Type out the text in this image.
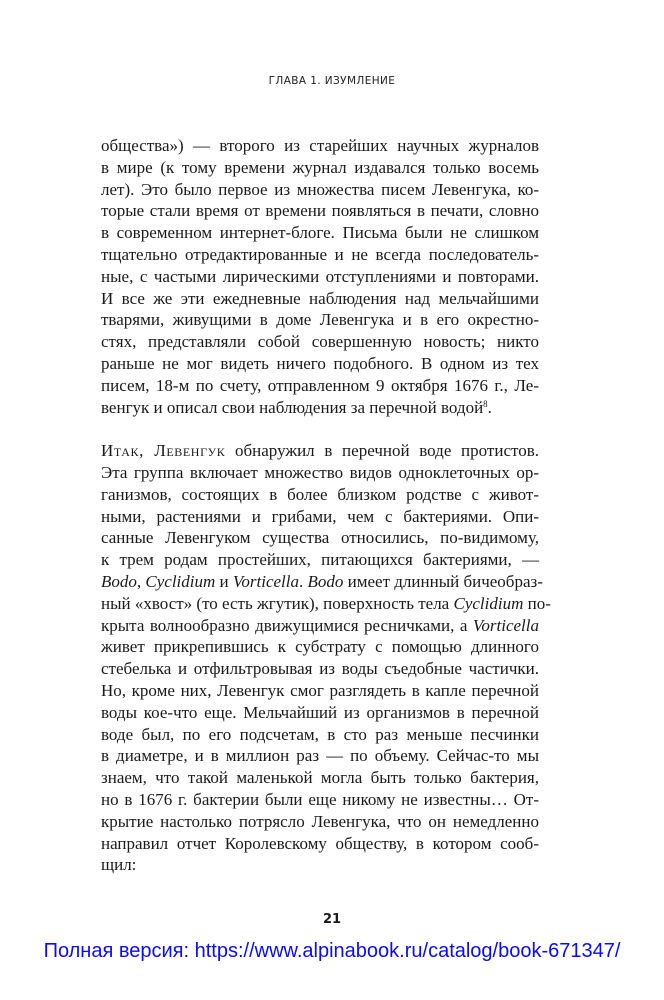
ГЛАВА 1. ИЗУМЛЕНИЕ
общества») — второго из старейших научных журналов
в мире (к тому времени журнал издавался только восемь
лет). Это было первое из множества писем Левенгука, ко-
торые стали время от времени появляться в печати, словно
в современном интернет-блоге. Письма были не слишком
тщательно отредактированные и не всегда последователь-
ные, с частыми лирическими отступлениями и повторами.
И все же эти ежедневные наблюдения над мельчайшими
тварями, живущими в доме Левенгука и в его окрестно-
стях, представляли собой совершенную новость; никто
раньше не мог видеть ничего подобного. В одном из тех
писем, 18-м по счету, отправленном 9 октября 1676 г., Ле-
венгук и описал свои наблюдения за перечной водой$^8$.
Итак, Левенгук обнаружил в перечной воде протистов.
Эта группа включает множество видов одноклеточных ор-
ганизмов, состоящих в более близком родстве с живот-
ными, растениями и грибами, чем с бактериями. Опи-
санные Левенгуком существа относились, по-видимому,
к трем родам простейших, питающихся бактериями, —
Bodo, Cyclidium и Vorticella. Bodo имеет длинный бичеобраз-
ный «хвост» (то есть жгутик), поверхность тела Cyclidium по-
крыта волнообразно движущимися ресничками, а Vorticella
живет прикрепившись к субстрату с помощью длинного
стебелька и отфильтровывая из воды съедобные частички.
Но, кроме них, Левенгук смог разглядеть в капле перечной
воды кое-что еще. Мельчайший из организмов в перечной
воде был, по его подсчетам, в сто раз меньше песчинки
в диаметре, и в миллион раз — по объему. Сейчас-то мы
знаем, что такой маленькой могла быть только бактерия,
но в 1676 г. бактерии были еще никому не известны… От-
крытие настолько потрясло Левенгука, что он немедленно
направил отчет Королевскому обществу, в котором сооб-
щил:
21
Полная версия: https://www.alpinabook.ru/catalog/book-671347/
